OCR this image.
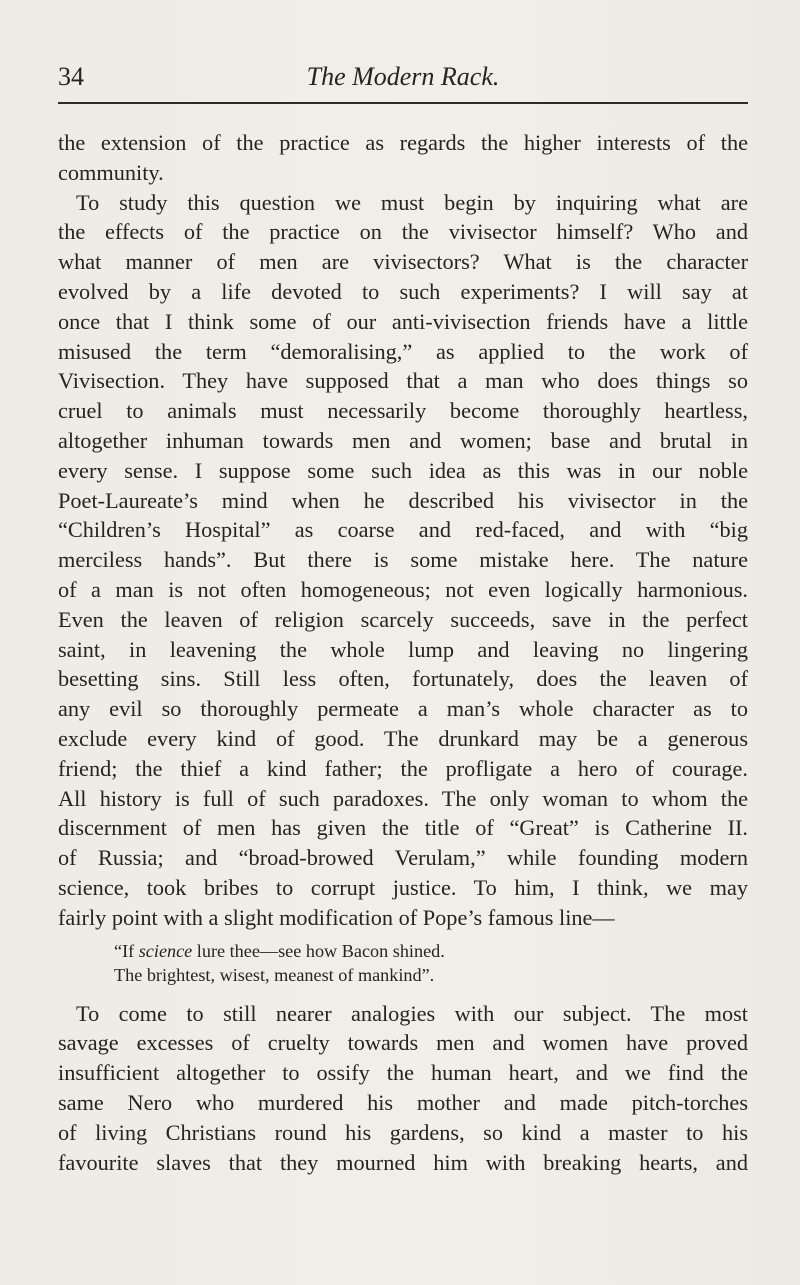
34	The Modern Rack.
the extension of the practice as regards the higher interests of the
community.
To study this question we must begin by inquiring what are
the effects of the practice on the vivisector himself? Who and
what manner of men are vivisectors? What is the character
evolved by a life devoted to such experiments? I will say at
once that I think some of our anti-vivisection friends have a little
misused the term “demoralising,” as applied to the work of
Vivisection. They have supposed that a man who does things so
cruel to animals must necessarily become thoroughly heartless,
altogether inhuman towards men and women; base and brutal in
every sense. I suppose some such idea as this was in our noble
Poet-Laureate’s mind when he described his vivisector in the
“Children’s Hospital” as coarse and red-faced, and with “big
merciless hands”. But there is some mistake here. The nature
of a man is not often homogeneous; not even logically harmonious.
Even the leaven of religion scarcely succeeds, save in the perfect
saint, in leavening the whole lump and leaving no lingering
besetting sins. Still less often, fortunately, does the leaven of
any evil so thoroughly permeate a man’s whole character as to
exclude every kind of good. The drunkard may be a generous
friend; the thief a kind father; the profligate a hero of courage.
All history is full of such paradoxes. The only woman to whom the
discernment of men has given the title of “Great” is Catherine II.
of Russia; and “broad-browed Verulam,” while founding modern
science, took bribes to corrupt justice. To him, I think, we may
fairly point with a slight modification of Pope’s famous line—
“If science lure thee—see how Bacon shined.
The brightest, wisest, meanest of mankind”.
To come to still nearer analogies with our subject. The most
savage excesses of cruelty towards men and women have proved
insufficient altogether to ossify the human heart, and we find the
same Nero who murdered his mother and made pitch-torches
of living Christians round his gardens, so kind a master to his
favourite slaves that they mourned him with breaking hearts, and
